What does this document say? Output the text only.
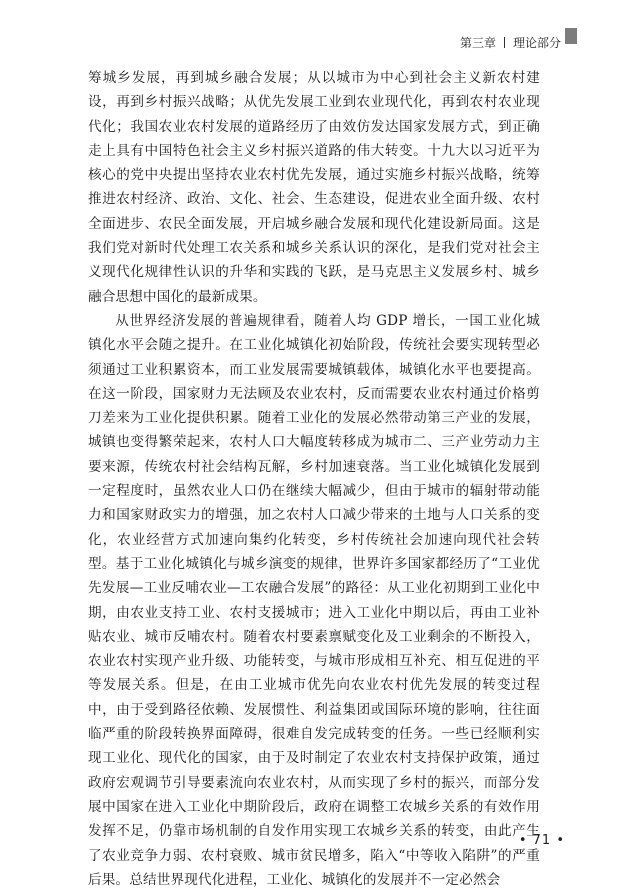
第三章 理论部分

筹城乡发展，再到城乡融合发展；从以城市为中心到社会主义新农村建设，再到乡村振兴战略；从优先发展工业到农业现代化，再到农村农业现代化；我国农业农村发展的道路经历了由效仿发达国家发展方式，到正确走上具有中国特色社会主义乡村振兴道路的伟大转变。十九大以习近平为核心的党中央提出坚持农业农村优先发展，通过实施乡村振兴战略，统筹推进农村经济、政治、文化、社会、生态建设，促进农业全面升级、农村全面进步、农民全面发展，开启城乡融合发展和现代化建设新局面。这是我们党对新时代处理工农关系和城乡关系认识的深化，是我们党对社会主义现代化规律性认识的升华和实践的飞跃，是马克思主义发展乡村、城乡融合思想中国化的最新成果。

从世界经济发展的普遍规律看，随着人均 GDP 增长，一国工业化城镇化水平会随之提升。在工业化城镇化初始阶段，传统社会要实现转型必须通过工业积累资本，而工业发展需要城镇载体，城镇化水平也要提高。在这一阶段，国家财力无法顾及农业农村，反而需要农业农村通过价格剪刀差来为工业化提供积累。随着工业化的发展必然带动第三产业的发展，城镇也变得繁荣起来，农村人口大幅度转移成为城市二、三产业劳动力主要来源，传统农村社会结构瓦解，乡村加速衰落。当工业化城镇化发展到一定程度时，虽然农业人口仍在继续大幅减少，但由于城市的辐射带动能力和国家财政实力的增强，加之农村人口减少带来的土地与人口关系的变化，农业经营方式加速向集约化转变，乡村传统社会加速向现代社会转型。基于工业化城镇化与城乡演变的规律，世界许多国家都经历了“工业优先发展—工业反哺农业—工农融合发展”的路径：从工业化初期到工业化中期，由农业支持工业、农村支援城市；进入工业化中期以后，再由工业补贴农业、城市反哺农村。随着农村要素禀赋变化及工业剩余的不断投入，农业农村实现产业升级、功能转变，与城市形成相互补充、相互促进的平等发展关系。但是，在由工业城市优先向农业农村优先发展的转变过程中，由于受到路径依赖、发展惯性、利益集团或国际环境的影响，往往面临严重的阶段转换界面障碍，很难自发完成转变的任务。一些已经顺利实现工业化、现代化的国家，由于及时制定了农业农村支持保护政策，通过政府宏观调节引导要素流向农业农村，从而实现了乡村的振兴，而部分发展中国家在进入工业化中期阶段后，政府在调整工农城乡关系的有效作用发挥不足，仍靠市场机制的自发作用实现工农城乡关系的转变，由此产生了农业竞争力弱、农村衰败、城市贫民增多，陷入“中等收入陷阱”的严重后果。总结世界现代化进程，工业化、城镇化的发展并不一定必然会

• 71 •
